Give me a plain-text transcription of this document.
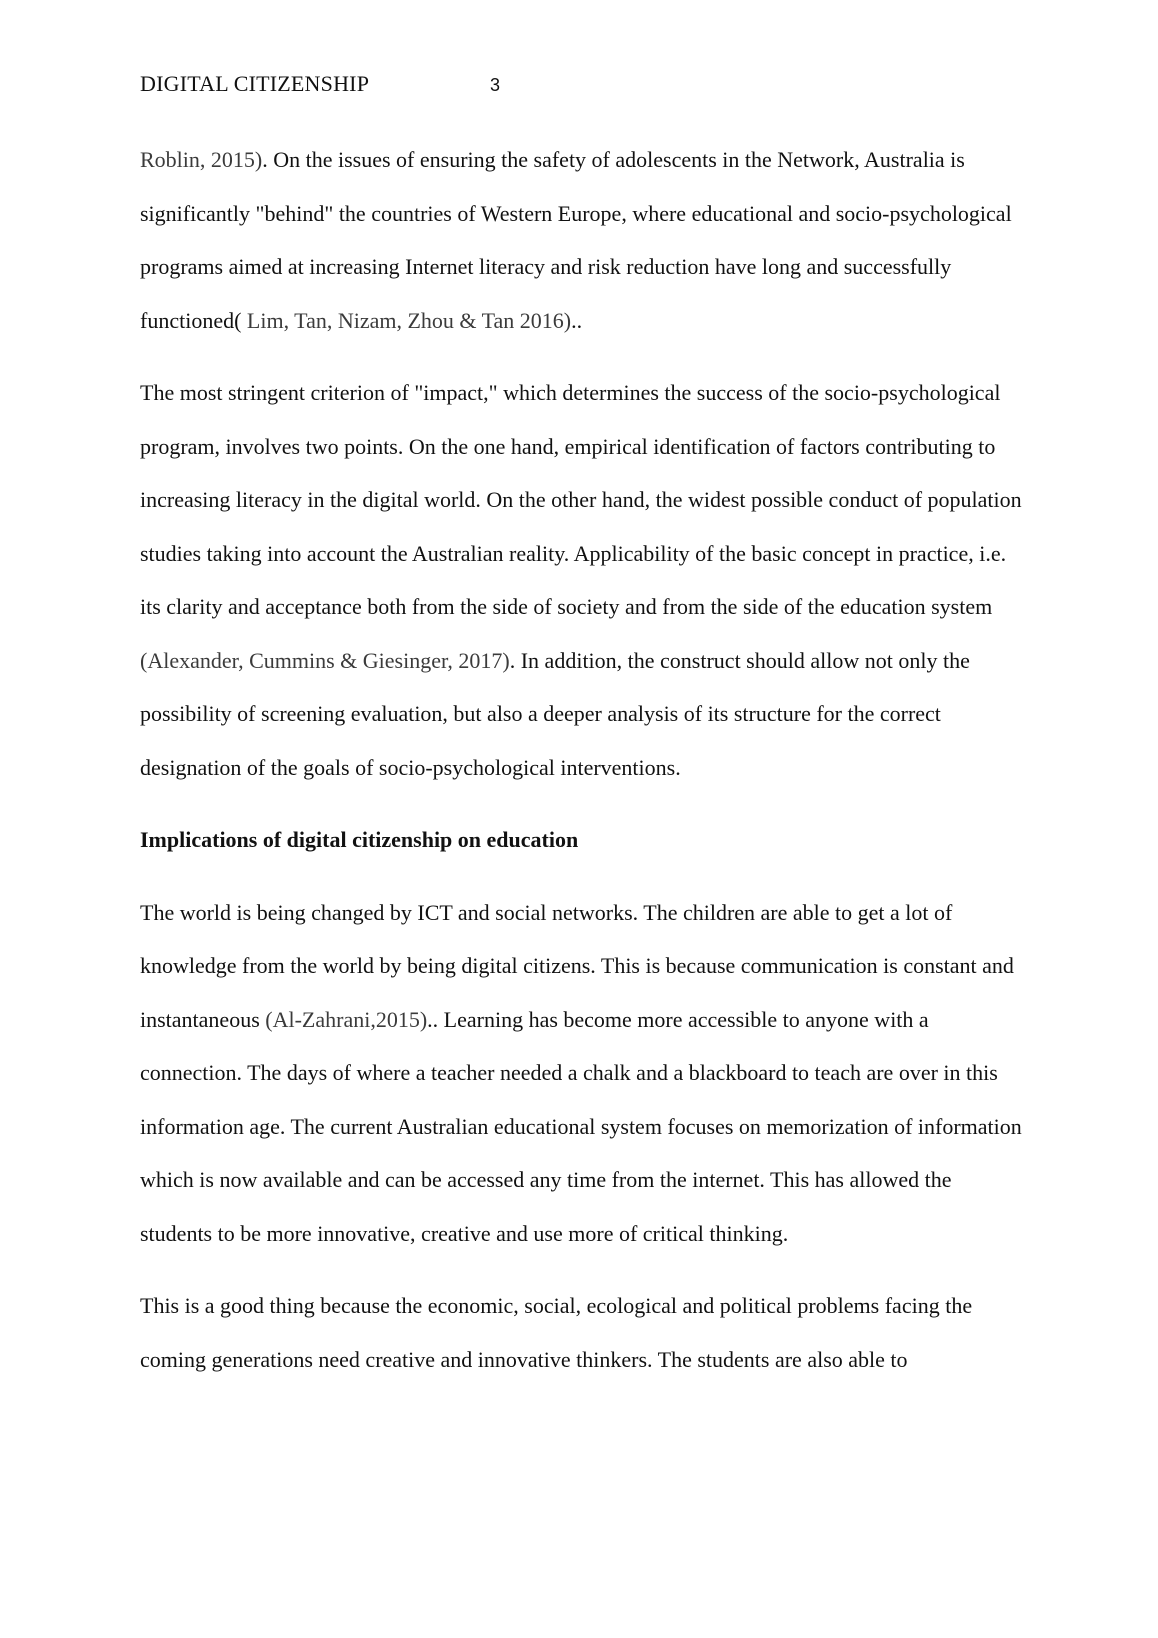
DIGITAL CITIZENSHIP	3

Roblin, 2015). On the issues of ensuring the safety of adolescents in the Network, Australia is significantly "behind" the countries of Western Europe, where educational and socio-psychological programs aimed at increasing Internet literacy and risk reduction have long and successfully functioned( Lim, Tan, Nizam, Zhou & Tan 2016)..

The most stringent criterion of "impact," which determines the success of the socio-psychological program, involves two points. On the one hand, empirical identification of factors contributing to increasing literacy in the digital world. On the other hand, the widest possible conduct of population studies taking into account the Australian reality. Applicability of the basic concept in practice, i.e. its clarity and acceptance both from the side of society and from the side of the education system (Alexander, Cummins & Giesinger, 2017). In addition, the construct should allow not only the possibility of screening evaluation, but also a deeper analysis of its structure for the correct designation of the goals of socio-psychological interventions.

Implications of digital citizenship on education

The world is being changed by ICT and social networks. The children are able to get a lot of knowledge from the world by being digital citizens. This is because communication is constant and instantaneous (Al-Zahrani,2015).. Learning has become more accessible to anyone with a connection. The days of where a teacher needed a chalk and a blackboard to teach are over in this information age. The current Australian educational system focuses on memorization of information which is now available and can be accessed any time from the internet. This has allowed the students to be more innovative, creative and use more of critical thinking.

This is a good thing because the economic, social, ecological and political problems facing the coming generations need creative and innovative thinkers. The students are also able to
